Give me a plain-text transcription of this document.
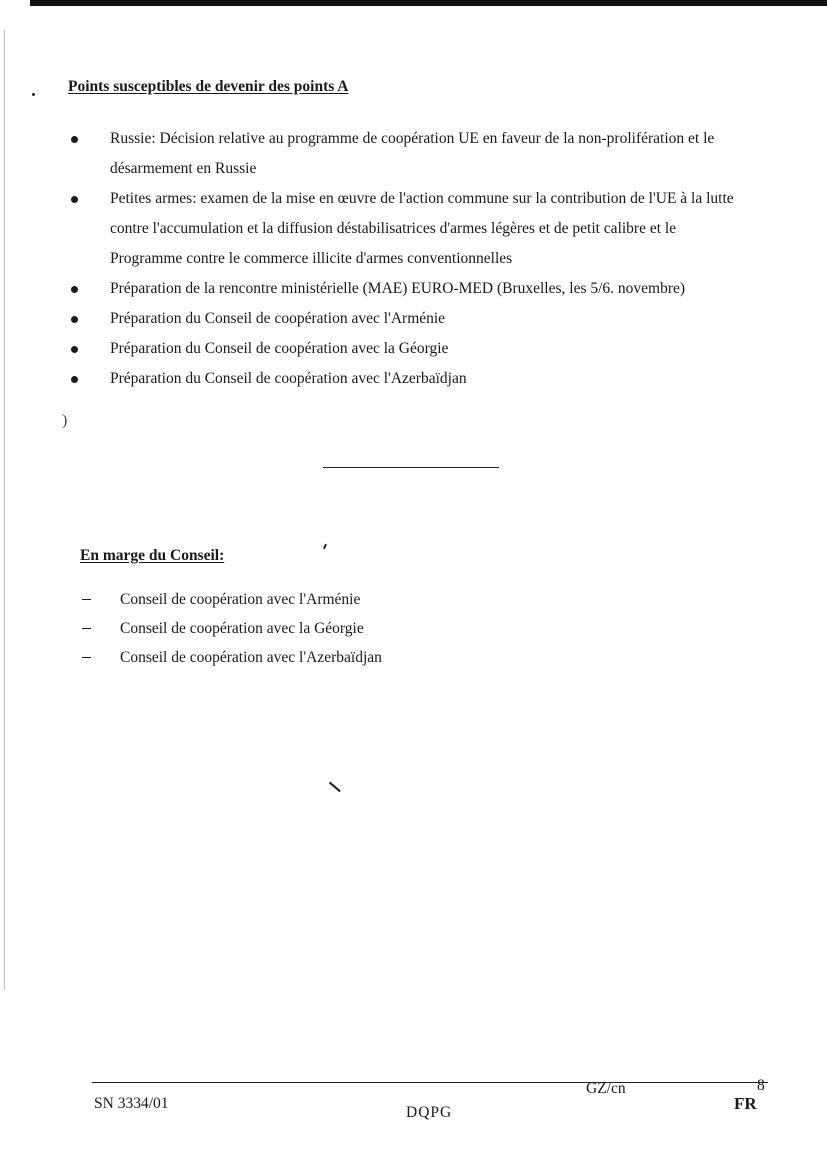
Points susceptibles de devenir des points A
Russie: Décision relative au programme de coopération UE en faveur de la non-prolifération et le désarmement en Russie
Petites armes: examen de la mise en œuvre de l'action commune sur la contribution de l'UE à la lutte contre l'accumulation et la diffusion déstabilisatrices d'armes légères et de petit calibre et le Programme contre le commerce illicite d'armes conventionnelles
Préparation de la rencontre ministérielle (MAE) EURO-MED (Bruxelles, les 5/6. novembre)
Préparation du Conseil de coopération avec l'Arménie
Préparation du Conseil de coopération avec la Géorgie
Préparation du Conseil de coopération avec l'Azerbaïdjan
)
En marge du Conseil:
Conseil de coopération avec l'Arménie
Conseil de coopération avec la Géorgie
Conseil de coopération avec l'Azerbaïdjan
SN 3334/01
GZ/cn	8
DQPG	FR
